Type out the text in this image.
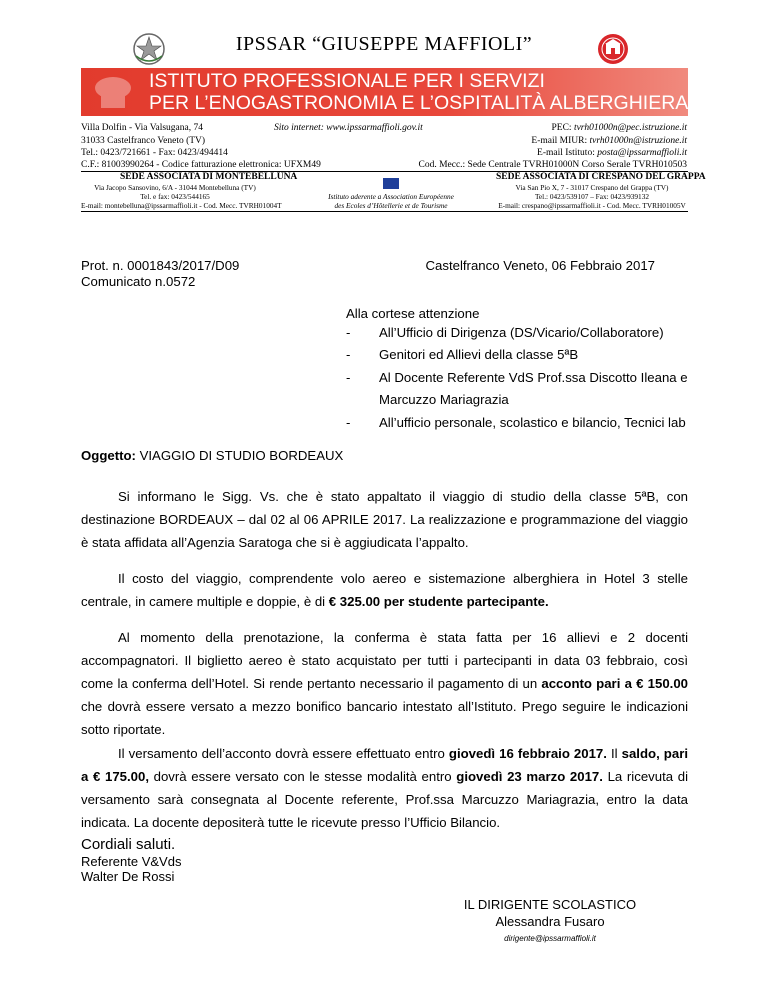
IPSSAR “GIUSEPPE MAFFIOLI”
ISTITUTO PROFESSIONALE PER I SERVIZI
PER L’ENOGASTRONOMIA E L’OSPITALITÀ ALBERGHIERA
Villa Dolfin - Via Valsugana, 74
31033 Castelfranco Veneto (TV)
Tel.: 0423/721661 - Fax: 0423/494414
C.F.: 81003990264 - Codice fatturazione elettronica: UFXM49
Sito internet: www.ipssarmaffioli.gov.it	PEC: tvrh01000n@pec.istruzione.it
E-mail MIUR: tvrh01000n@istruzione.it
E-mail Istituto: posta@ipssarmaffioli.it
Cod. Mecc.: Sede Centrale TVRH01000N Corso Serale TVRH010503
SEDE ASSOCIATA DI MONTEBELLUNA
Via Jacopo Sansovino, 6/A - 31044 Montebelluna (TV)
Tel. e fax: 0423/544165
E-mail: montebelluna@ipssarmaffioli.it - Cod. Mecc. TVRH01004T
Istituto aderente a Association Européenne
des Ecoles d’Hôtellerie et de Tourisme
SEDE ASSOCIATA DI CRESPANO DEL GRAPPA
Via San Pio X, 7 - 31017 Crespano del Grappa (TV)
Tel.: 0423/539107 – Fax: 0423/939132
E-mail: crespano@ipssarmaffioli.it - Cod. Mecc. TVRH01005V
Prot. n. 0001843/2017/D09
Comunicato n.0572
Castelfranco Veneto, 06 Febbraio 2017
Alla cortese attenzione
- All’Ufficio di Dirigenza (DS/Vicario/Collaboratore)
- Genitori ed Allievi della classe 5ªB
- Al Docente Referente VdS Prof.ssa Discotto Ileana e
Marcuzzo Mariagrazia
- All’ufficio personale, scolastico e bilancio, Tecnici lab
Oggetto: VIAGGIO DI STUDIO BORDEAUX

Si informano le Sigg. Vs. che è stato appaltato il viaggio di studio della classe 5ªB, con destinazione BORDEAUX – dal 02 al 06 APRILE 2017. La realizzazione e programmazione del viaggio è stata affidata all’Agenzia Saratoga che si è aggiudicata l’appalto.

Il costo del viaggio, comprendente volo aereo e sistemazione alberghiera in Hotel 3 stelle centrale, in camere multiple e doppie, è di € 325.00 per studente partecipante.

Al momento della prenotazione, la conferma è stata fatta per 16 allievi e 2 docenti accompagnatori. Il biglietto aereo è stato acquistato per tutti i partecipanti in data 03 febbraio, così come la conferma dell’Hotel. Si rende pertanto necessario il pagamento di un acconto pari a € 150.00 che dovrà essere versato a mezzo bonifico bancario intestato all’Istituto. Prego seguire le indicazioni sotto riportate.

Il versamento dell’acconto dovrà essere effettuato entro giovedì 16 febbraio 2017. Il saldo, pari a € 175.00, dovrà essere versato con le stesse modalità entro giovedì 23 marzo 2017. La ricevuta di versamento sarà consegnata al Docente referente, Prof.ssa Marcuzzo Mariagrazia, entro la data indicata. La docente depositerà tutte le ricevute presso l’Ufficio Bilancio.

Cordiali saluti.
Referente V&Vds
Walter De Rossi
IL DIRIGENTE SCOLASTICO
Alessandra Fusaro
dirigente@ipssarmaffioli.it
